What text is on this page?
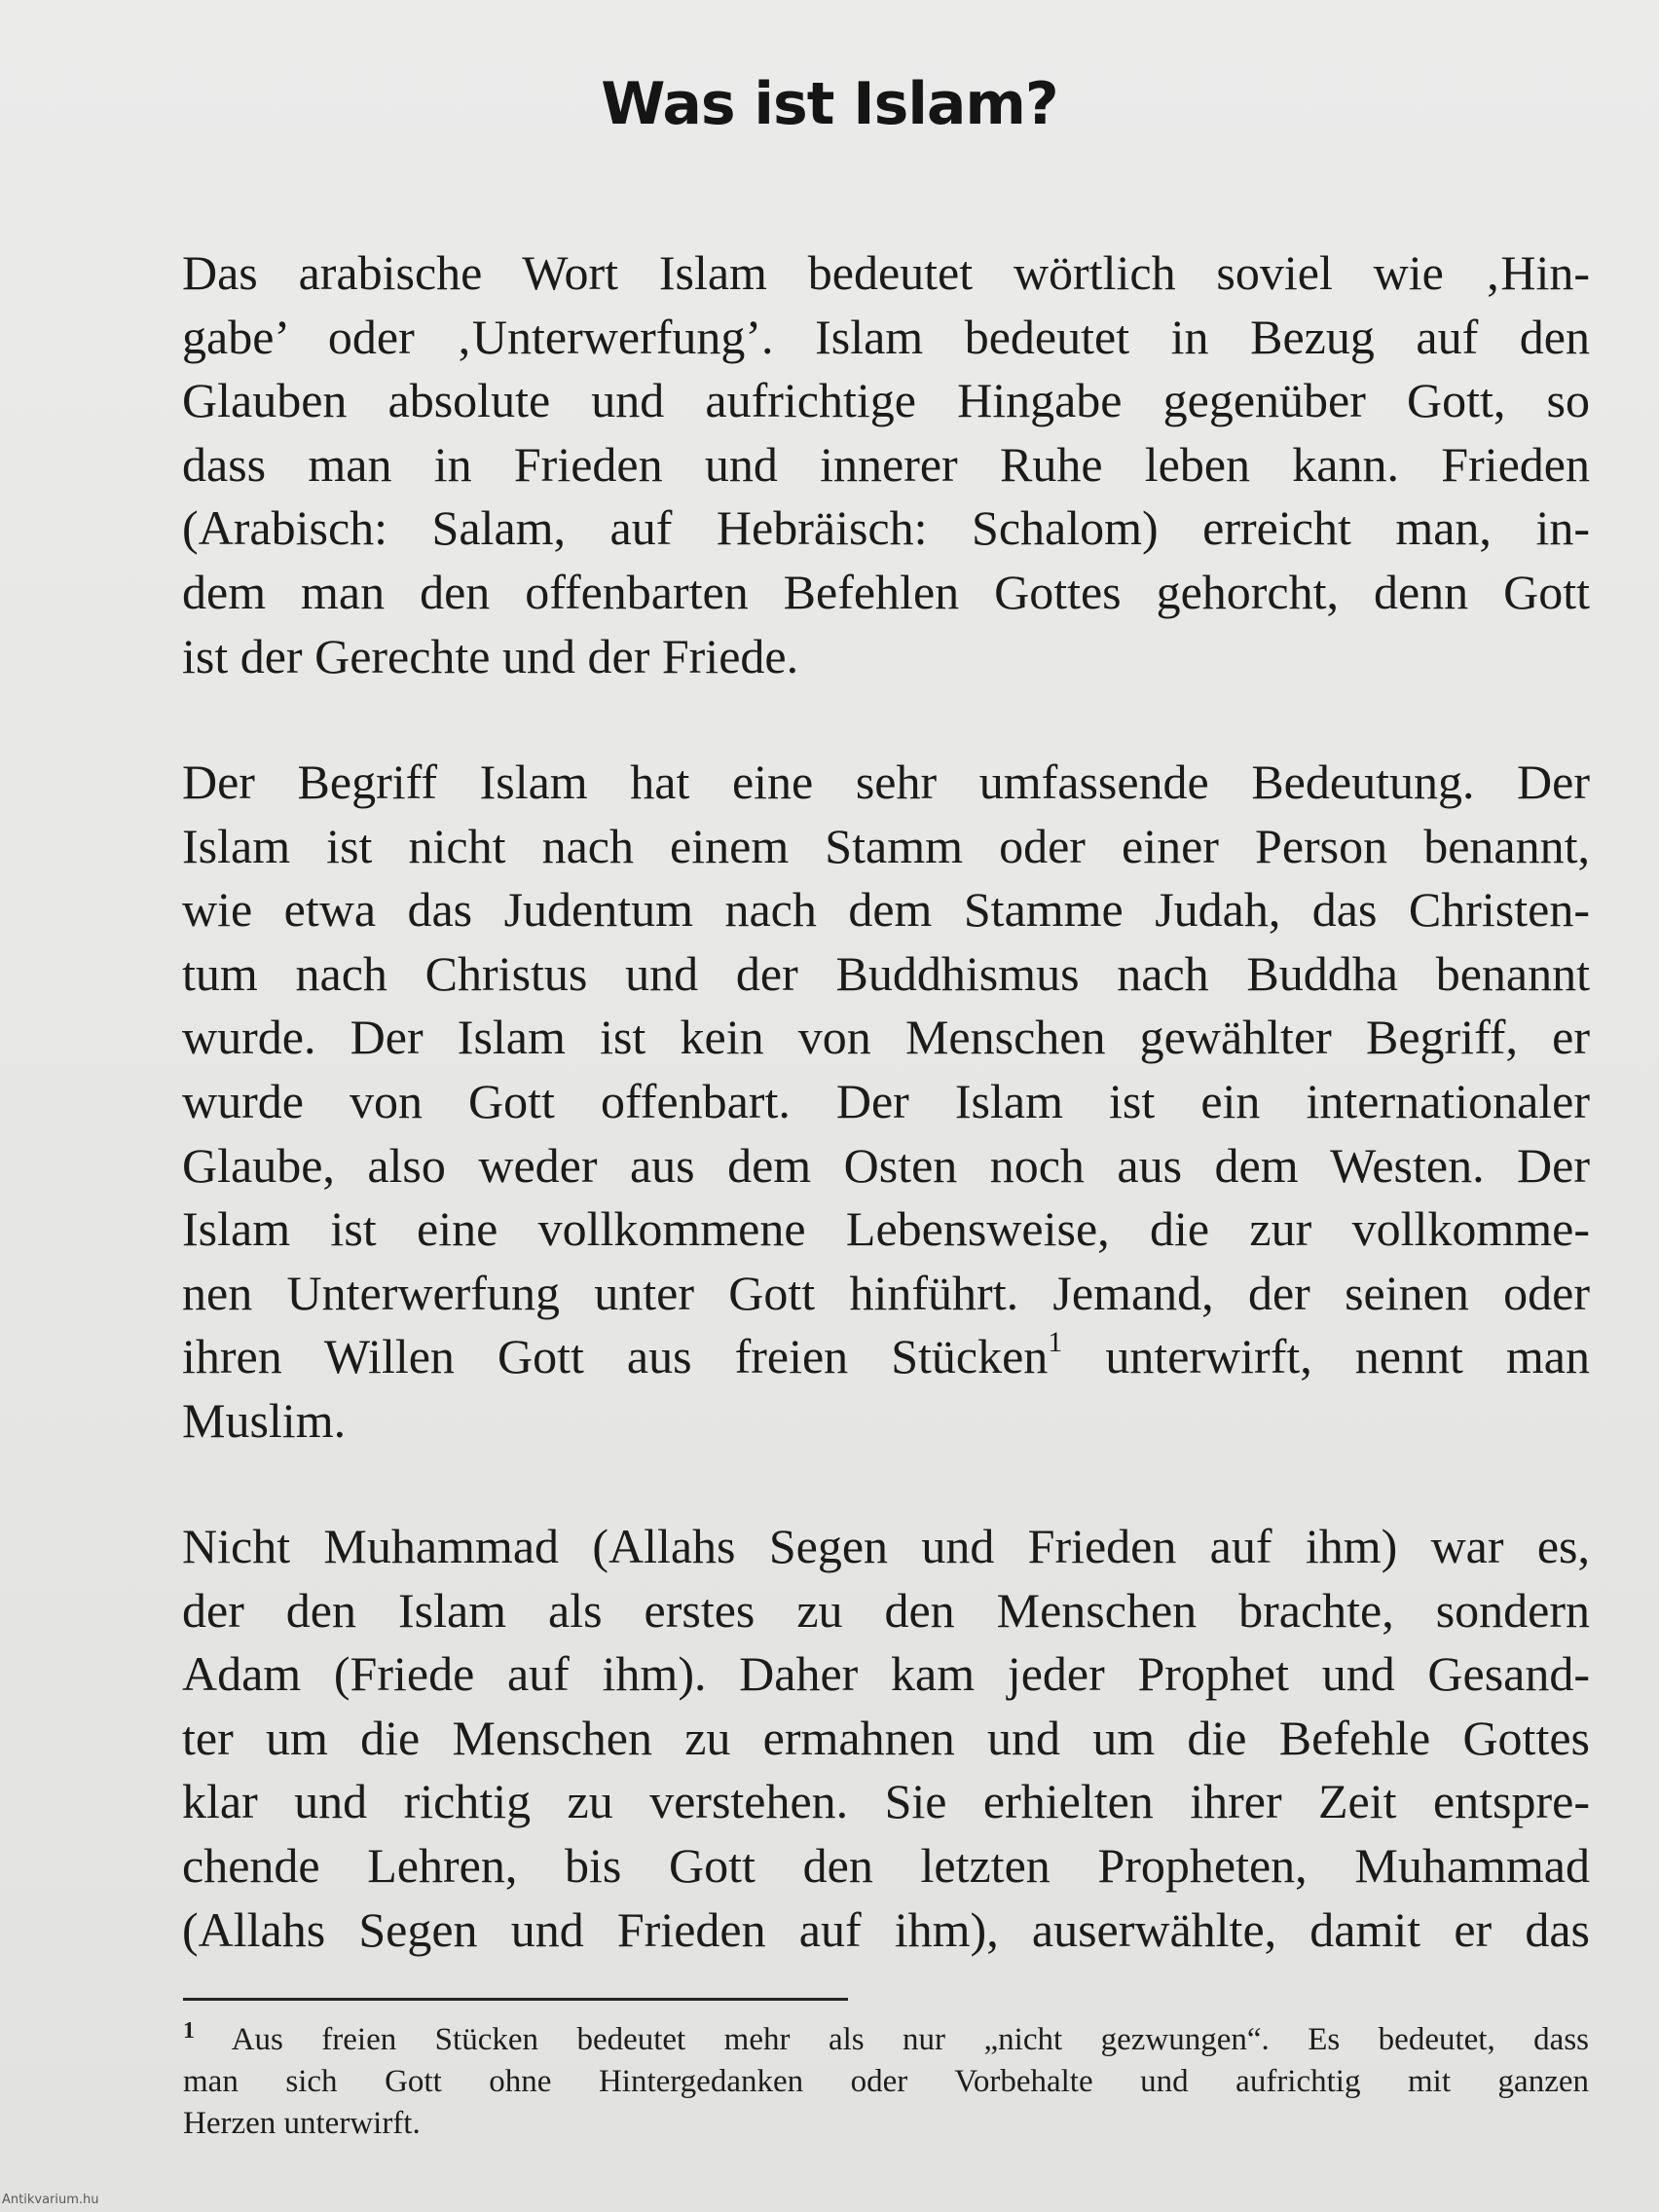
Was ist Islam?
Das arabische Wort Islam bedeutet wörtlich soviel wie ‚Hin-
gabe’ oder ‚Unterwerfung’. Islam bedeutet in Bezug auf den
Glauben absolute und aufrichtige Hingabe gegenüber Gott, so
dass man in Frieden und innerer Ruhe leben kann. Frieden
(Arabisch: Salam, auf Hebräisch: Schalom) erreicht man, in-
dem man den offenbarten Befehlen Gottes gehorcht, denn Gott
ist der Gerechte und der Friede.
Der Begriff Islam hat eine sehr umfassende Bedeutung. Der
Islam ist nicht nach einem Stamm oder einer Person benannt,
wie etwa das Judentum nach dem Stamme Judah, das Christen-
tum nach Christus und der Buddhismus nach Buddha benannt
wurde. Der Islam ist kein von Menschen gewählter Begriff, er
wurde von Gott offenbart. Der Islam ist ein internationaler
Glaube, also weder aus dem Osten noch aus dem Westen. Der
Islam ist eine vollkommene Lebensweise, die zur vollkomme-
nen Unterwerfung unter Gott hinführt. Jemand, der seinen oder
ihren Willen Gott aus freien Stücken$^1$ unterwirft, nennt man
Muslim.
Nicht Muhammad (Allahs Segen und Frieden auf ihm) war es,
der den Islam als erstes zu den Menschen brachte, sondern
Adam (Friede auf ihm). Daher kam jeder Prophet und Gesand-
ter um die Menschen zu ermahnen und um die Befehle Gottes
klar und richtig zu verstehen. Sie erhielten ihrer Zeit entspre-
chende Lehren, bis Gott den letzten Propheten, Muhammad
(Allahs Segen und Frieden auf ihm), auserwählte, damit er das
$^1$ Aus freien Stücken bedeutet mehr als nur „nicht gezwungen“. Es bedeutet, dass
man sich Gott ohne Hintergedanken oder Vorbehalte und aufrichtig mit ganzen
Herzen unterwirft.
Antikvarium.hu
